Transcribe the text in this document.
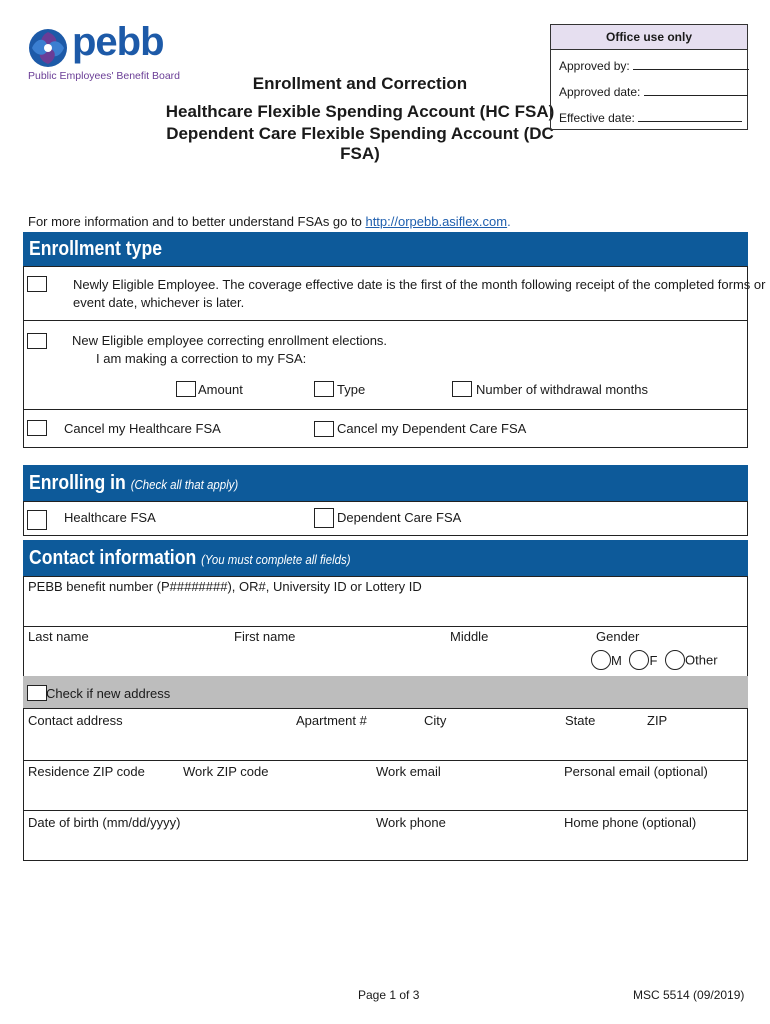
pebb
Public Employees' Benefit Board	Enrollment and Correction
Healthcare Flexible Spending Account (HC FSA)
Dependent Care Flexible Spending Account (DC FSA)
Office use only
Approved by:
Approved date:
Effective date:
For more information and to better understand FSAs go to http://orpebb.asiflex.com.
Enrollment type
Newly Eligible Employee. The coverage effective date is the first of the month following receipt of the completed forms or
event date, whichever is later.
New Eligible employee correcting enrollment elections.
I am making a correction to my FSA:
Amount	Type	Number of withdrawal months
Cancel my Healthcare FSA	Cancel my Dependent Care FSA
Enrolling in (Check all that apply)
Healthcare FSA	Dependent Care FSA
Contact information (You must complete all fields)
PEBB benefit number (P########), OR#, University ID or Lottery ID
Last name	First name	Middle	Gender
M F Other
Check if new address
Contact address	Apartment #	City	State	ZIP
Residence ZIP code	Work ZIP code	Work email	Personal email (optional)
Date of birth (mm/dd/yyyy)	Work phone	Home phone (optional)
Page 1 of 3	MSC 5514 (09/2019)
